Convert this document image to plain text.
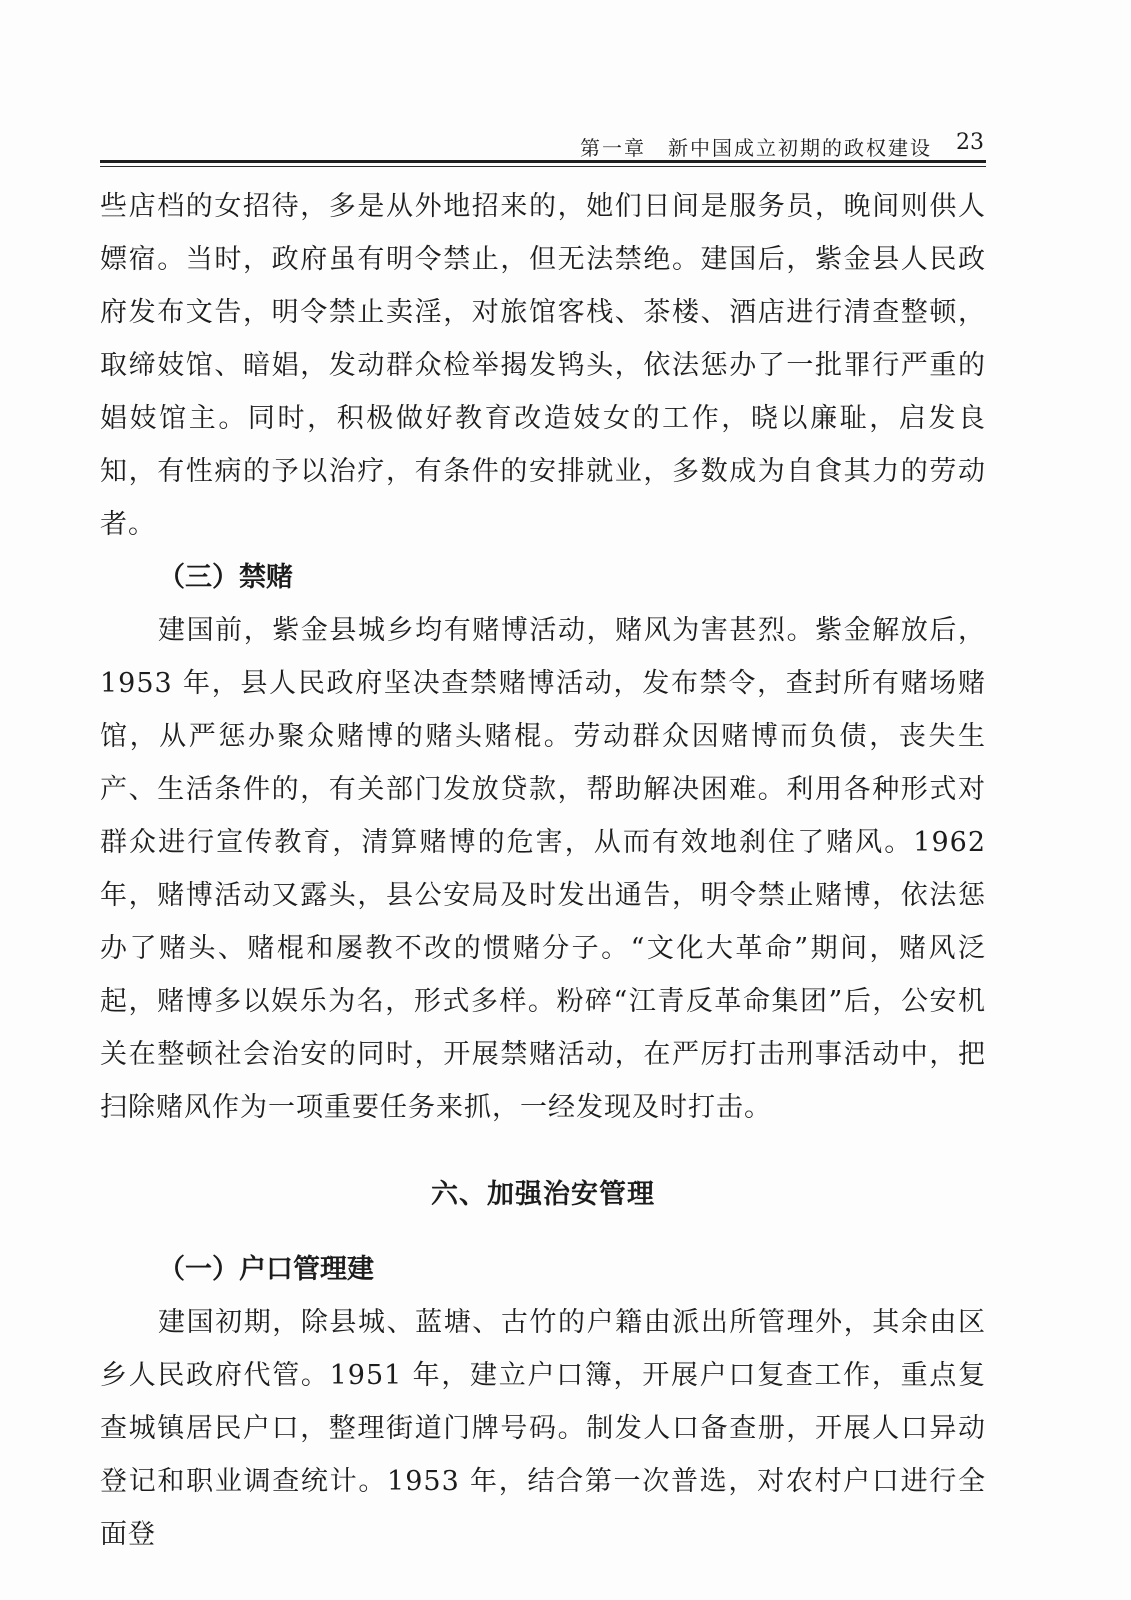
第一章　新中国成立初期的政权建设 23

些店档的女招待，多是从外地招来的，她们日间是服务员，晚间则供人嫖宿。当时，政府虽有明令禁止，但无法禁绝。建国后，紫金县人民政府发布文告，明令禁止卖淫，对旅馆客栈、茶楼、酒店进行清查整顿，取缔妓馆、暗娼，发动群众检举揭发鸨头，依法惩办了一批罪行严重的娼妓馆主。同时，积极做好教育改造妓女的工作，晓以廉耻，启发良知，有性病的予以治疗，有条件的安排就业，多数成为自食其力的劳动者。

（三）禁赌

建国前，紫金县城乡均有赌博活动，赌风为害甚烈。紫金解放后，1953 年，县人民政府坚决查禁赌博活动，发布禁令，查封所有赌场赌馆，从严惩办聚众赌博的赌头赌棍。劳动群众因赌博而负债，丧失生产、生活条件的，有关部门发放贷款，帮助解决困难。利用各种形式对群众进行宣传教育，清算赌博的危害，从而有效地刹住了赌风。1962 年，赌博活动又露头，县公安局及时发出通告，明令禁止赌博，依法惩办了赌头、赌棍和屡教不改的惯赌分子。“文化大革命”期间，赌风泛起，赌博多以娱乐为名，形式多样。粉碎“江青反革命集团”后，公安机关在整顿社会治安的同时，开展禁赌活动，在严厉打击刑事活动中，把扫除赌风作为一项重要任务来抓，一经发现及时打击。

六、加强治安管理
（一）户口管理建

建国初期，除县城、蓝塘、古竹的户籍由派出所管理外，其余由区乡人民政府代管。1951 年，建立户口簿，开展户口复查工作，重点复查城镇居民户口，整理街道门牌号码。制发人口备查册，开展人口异动登记和职业调查统计。1953 年，结合第一次普选，对农村户口进行全面登
